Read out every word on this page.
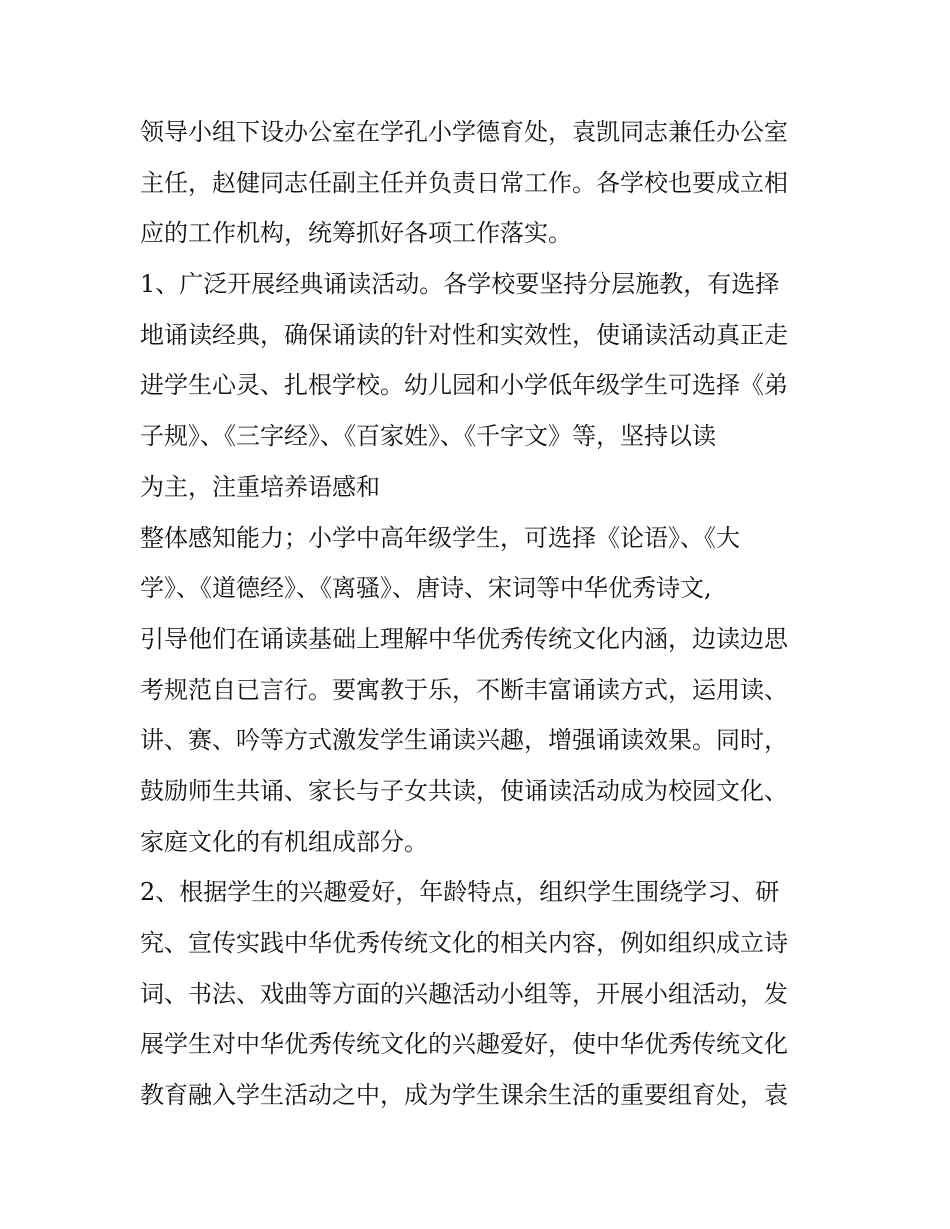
领导小组下设办公室在学孔小学德育处，袁凯同志兼任办公室
主任，赵健同志任副主任并负责日常工作。各学校也要成立相
应的工作机构，统筹抓好各项工作落实。
1、广泛开展经典诵读活动。各学校要坚持分层施教，有选择
地诵读经典，确保诵读的针对性和实效性，使诵读活动真正走
进学生心灵、扎根学校。幼儿园和小学低年级学生可选择《弟
子规》、《三字经》、《百家姓》、《千字文》等，坚持以读
为主，注重培养语感和
整体感知能力；小学中高年级学生，可选择《论语》、《大
学》、《道德经》、《离骚》、唐诗、宋词等中华优秀诗文,
引导他们在诵读基础上理解中华优秀传统文化内涵，边读边思
考规范自已言行。要寓教于乐，不断丰富诵读方式，运用读、
讲、赛、吟等方式激发学生诵读兴趣，增强诵读效果。同时，
鼓励师生共诵、家长与子女共读，使诵读活动成为校园文化、
家庭文化的有机组成部分。
2、根据学生的兴趣爱好，年龄特点，组织学生围绕学习、研
究、宣传实践中华优秀传统文化的相关内容，例如组织成立诗
词、书法、戏曲等方面的兴趣活动小组等，开展小组活动，发
展学生对中华优秀传统文化的兴趣爱好，使中华优秀传统文化
教育融入学生活动之中，成为学生课余生活的重要组育处，袁
